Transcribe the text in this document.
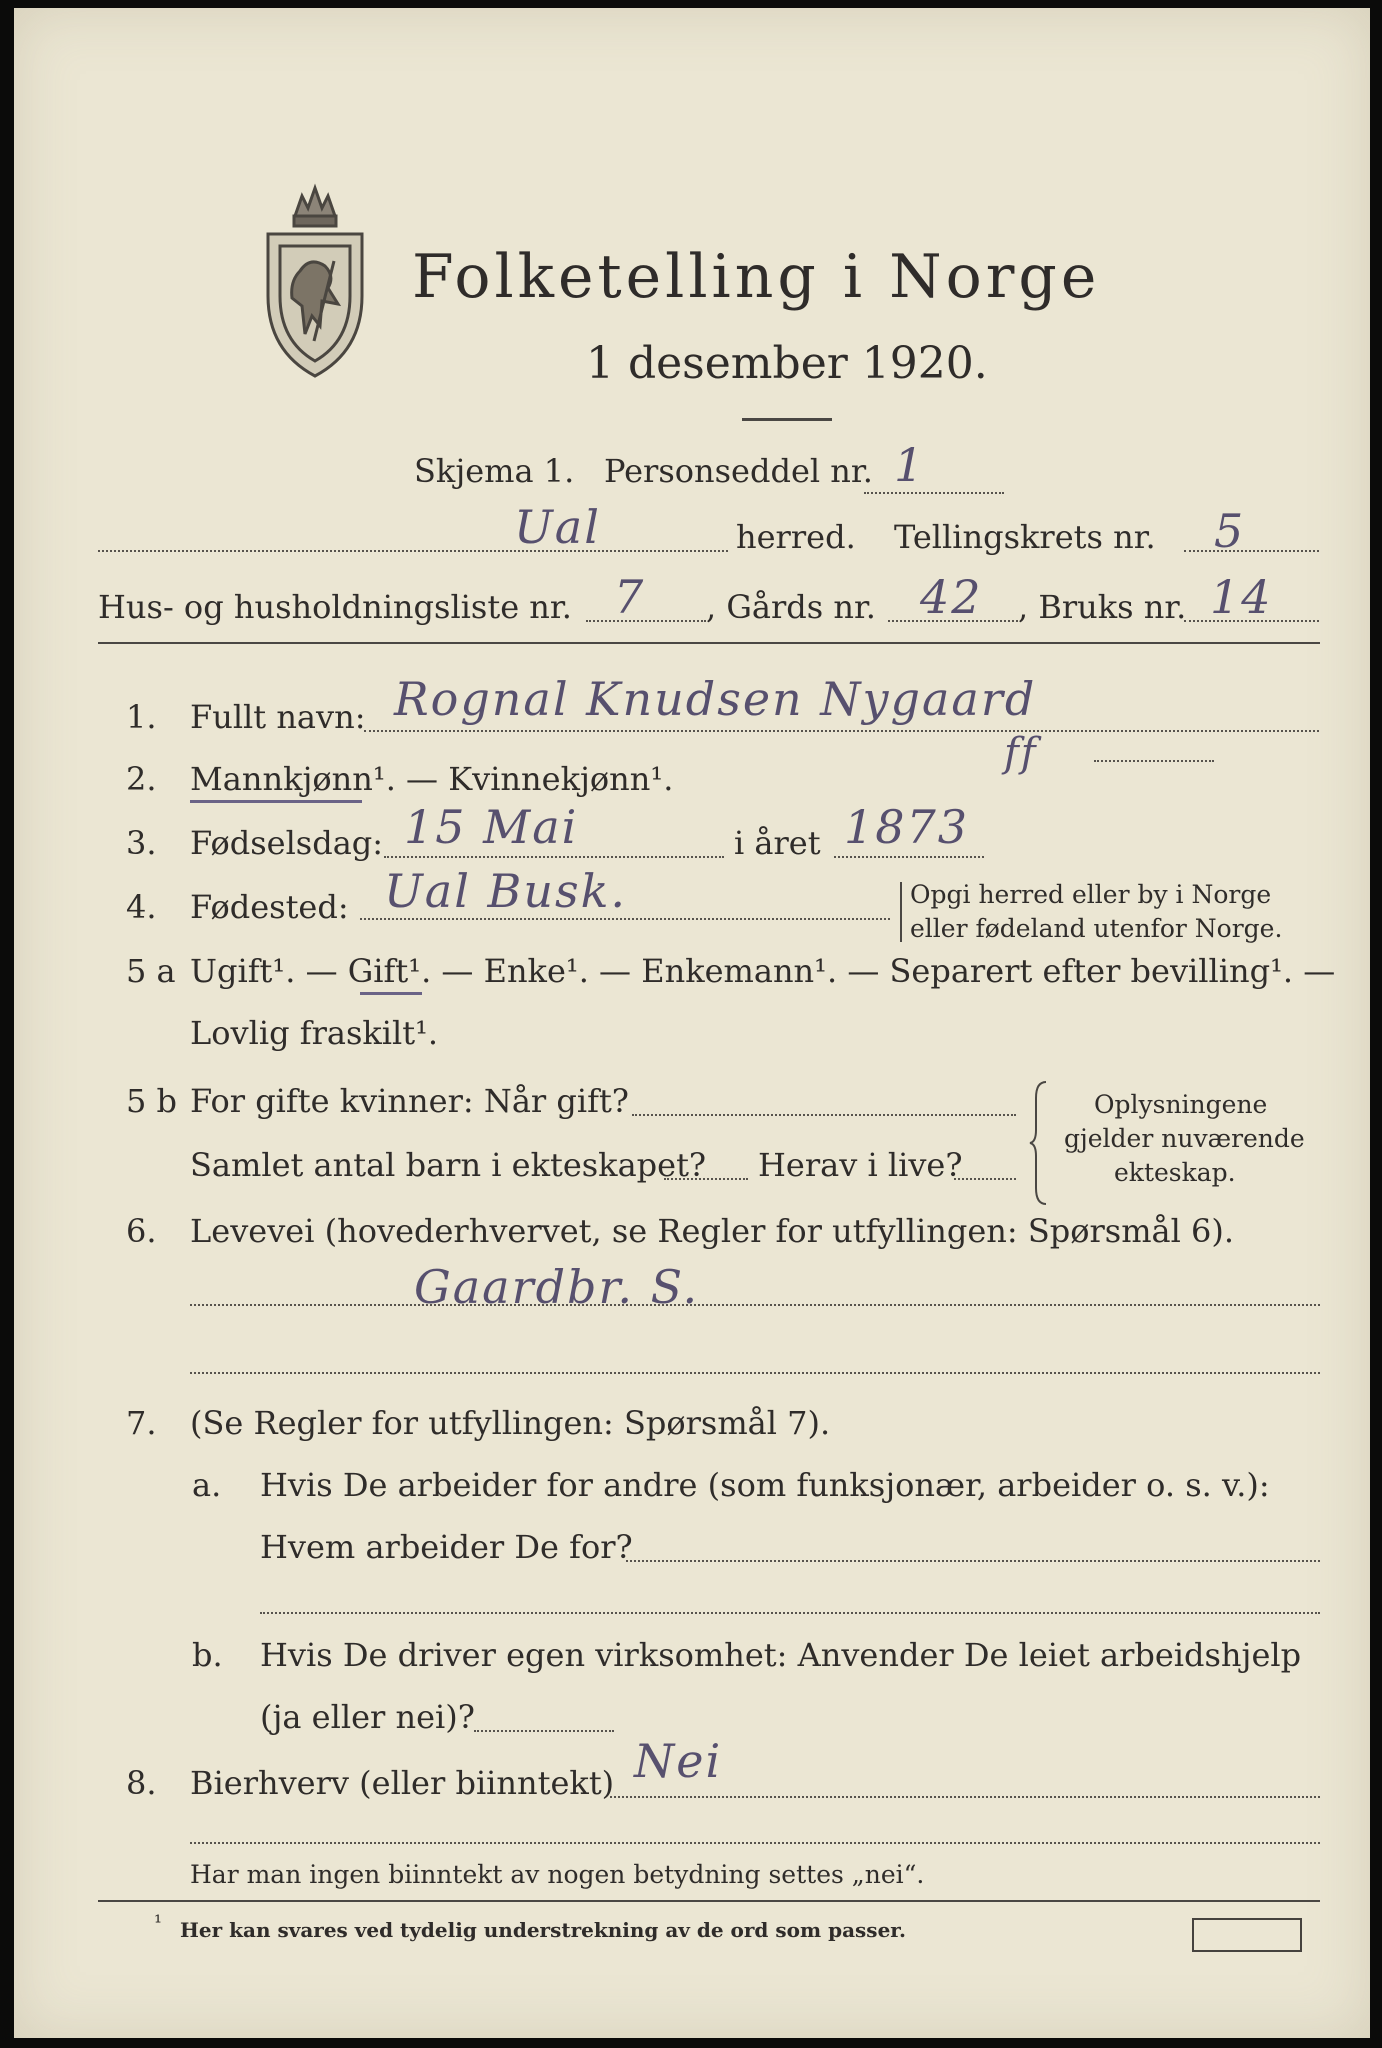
Folketelling i Norge
1 desember 1920.
Skjema 1. Personseddel nr. 1
Ual	herred. Tellingskrets nr. 5
Hus- og husholdningsliste nr. 7 , Gårds nr. 42 , Bruks nr. 14
1. Fullt navn: Rognal Knudsen Nygaard
ff
2. Mannkjønn¹. — Kvinnekjønn¹.
3. Fødselsdag: 15 Mai	i året 1873
4. Fødested: Ual Busk.	Opgi herred eller by i Norge
eller fødeland utenfor Norge.
5 a Ugift¹. — Gift¹. — Enke¹. — Enkemann¹. — Separert efter bevilling¹. —
Lovlig fraskilt¹.
5 b For gifte kvinner: Når gift?
Samlet antal barn i ekteskapet? Herav i live?
Oplysningene
gjelder nuværende
ekteskap.
6. Levevei (hovederhvervet, se Regler for utfyllingen: Spørsmål 6).
Gaardbr. S.
7. (Se Regler for utfyllingen: Spørsmål 7).
a. Hvis De arbeider for andre (som funksjonær, arbeider o. s. v.):
Hvem arbeider De for?
b. Hvis De driver egen virksomhet: Anvender De leiet arbeidshjelp
(ja eller nei)?
8. Bierhverv (eller biinntekt) Nei
Har man ingen biinntekt av nogen betydning settes „nei“.
¹ Her kan svares ved tydelig understrekning av de ord som passer.
